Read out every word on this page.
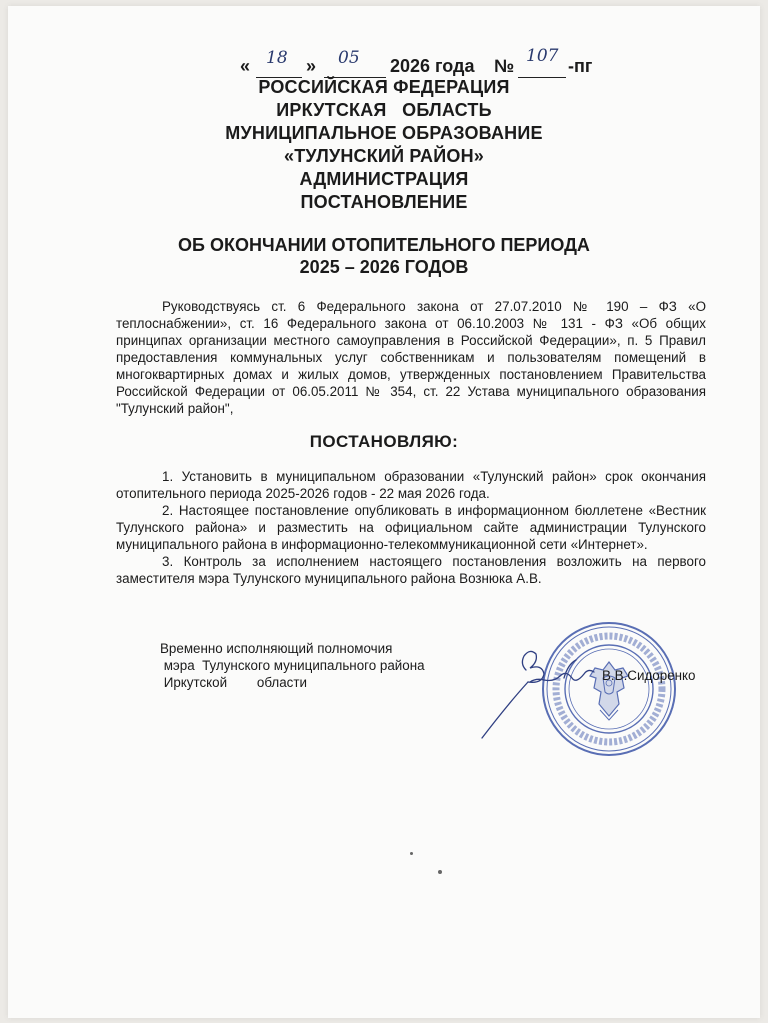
« 18 » 05 2026 года № 107 -пг
РОССИЙСКАЯ ФЕДЕРАЦИЯ
ИРКУТСКАЯ   ОБЛАСТЬ
МУНИЦИПАЛЬНОЕ ОБРАЗОВАНИЕ
«ТУЛУНСКИЙ РАЙОН»
АДМИНИСТРАЦИЯ
ПОСТАНОВЛЕНИЕ
ОБ ОКОНЧАНИИ ОТОПИТЕЛЬНОГО ПЕРИОДА
2025 – 2026 ГОДОВ

Руководствуясь ст. 6 Федерального закона от 27.07.2010 № 190 – ФЗ «О теплоснабжении», ст. 16 Федерального закона от 06.10.2003 № 131 - ФЗ «Об общих принципах организации местного самоуправления в Российской Федерации», п. 5 Правил предоставления коммунальных услуг собственникам и пользователям помещений в многоквартирных домах и жилых домов, утвержденных постановлением Правительства Российской Федерации от 06.05.2011 № 354, ст. 22 Устава муниципального образования "Тулунский район",

ПОСТАНОВЛЯЮ:

1. Установить в муниципальном образовании «Тулунский район» срок окончания отопительного периода 2025-2026 годов - 22 мая 2026 года.

2. Настоящее постановление опубликовать в информационном бюллетене «Вестник Тулунского района» и разместить на официальном сайте администрации Тулунского муниципального района в информационно-телекоммуникационной сети «Интернет».

3. Контроль за исполнением настоящего постановления возложить на первого заместителя мэра Тулунского муниципального района Вознюка А.В.

Временно исполняющий полномочия
мэра  Тулунского муниципального района
Иркутской        области	В.В.Сидоренко
